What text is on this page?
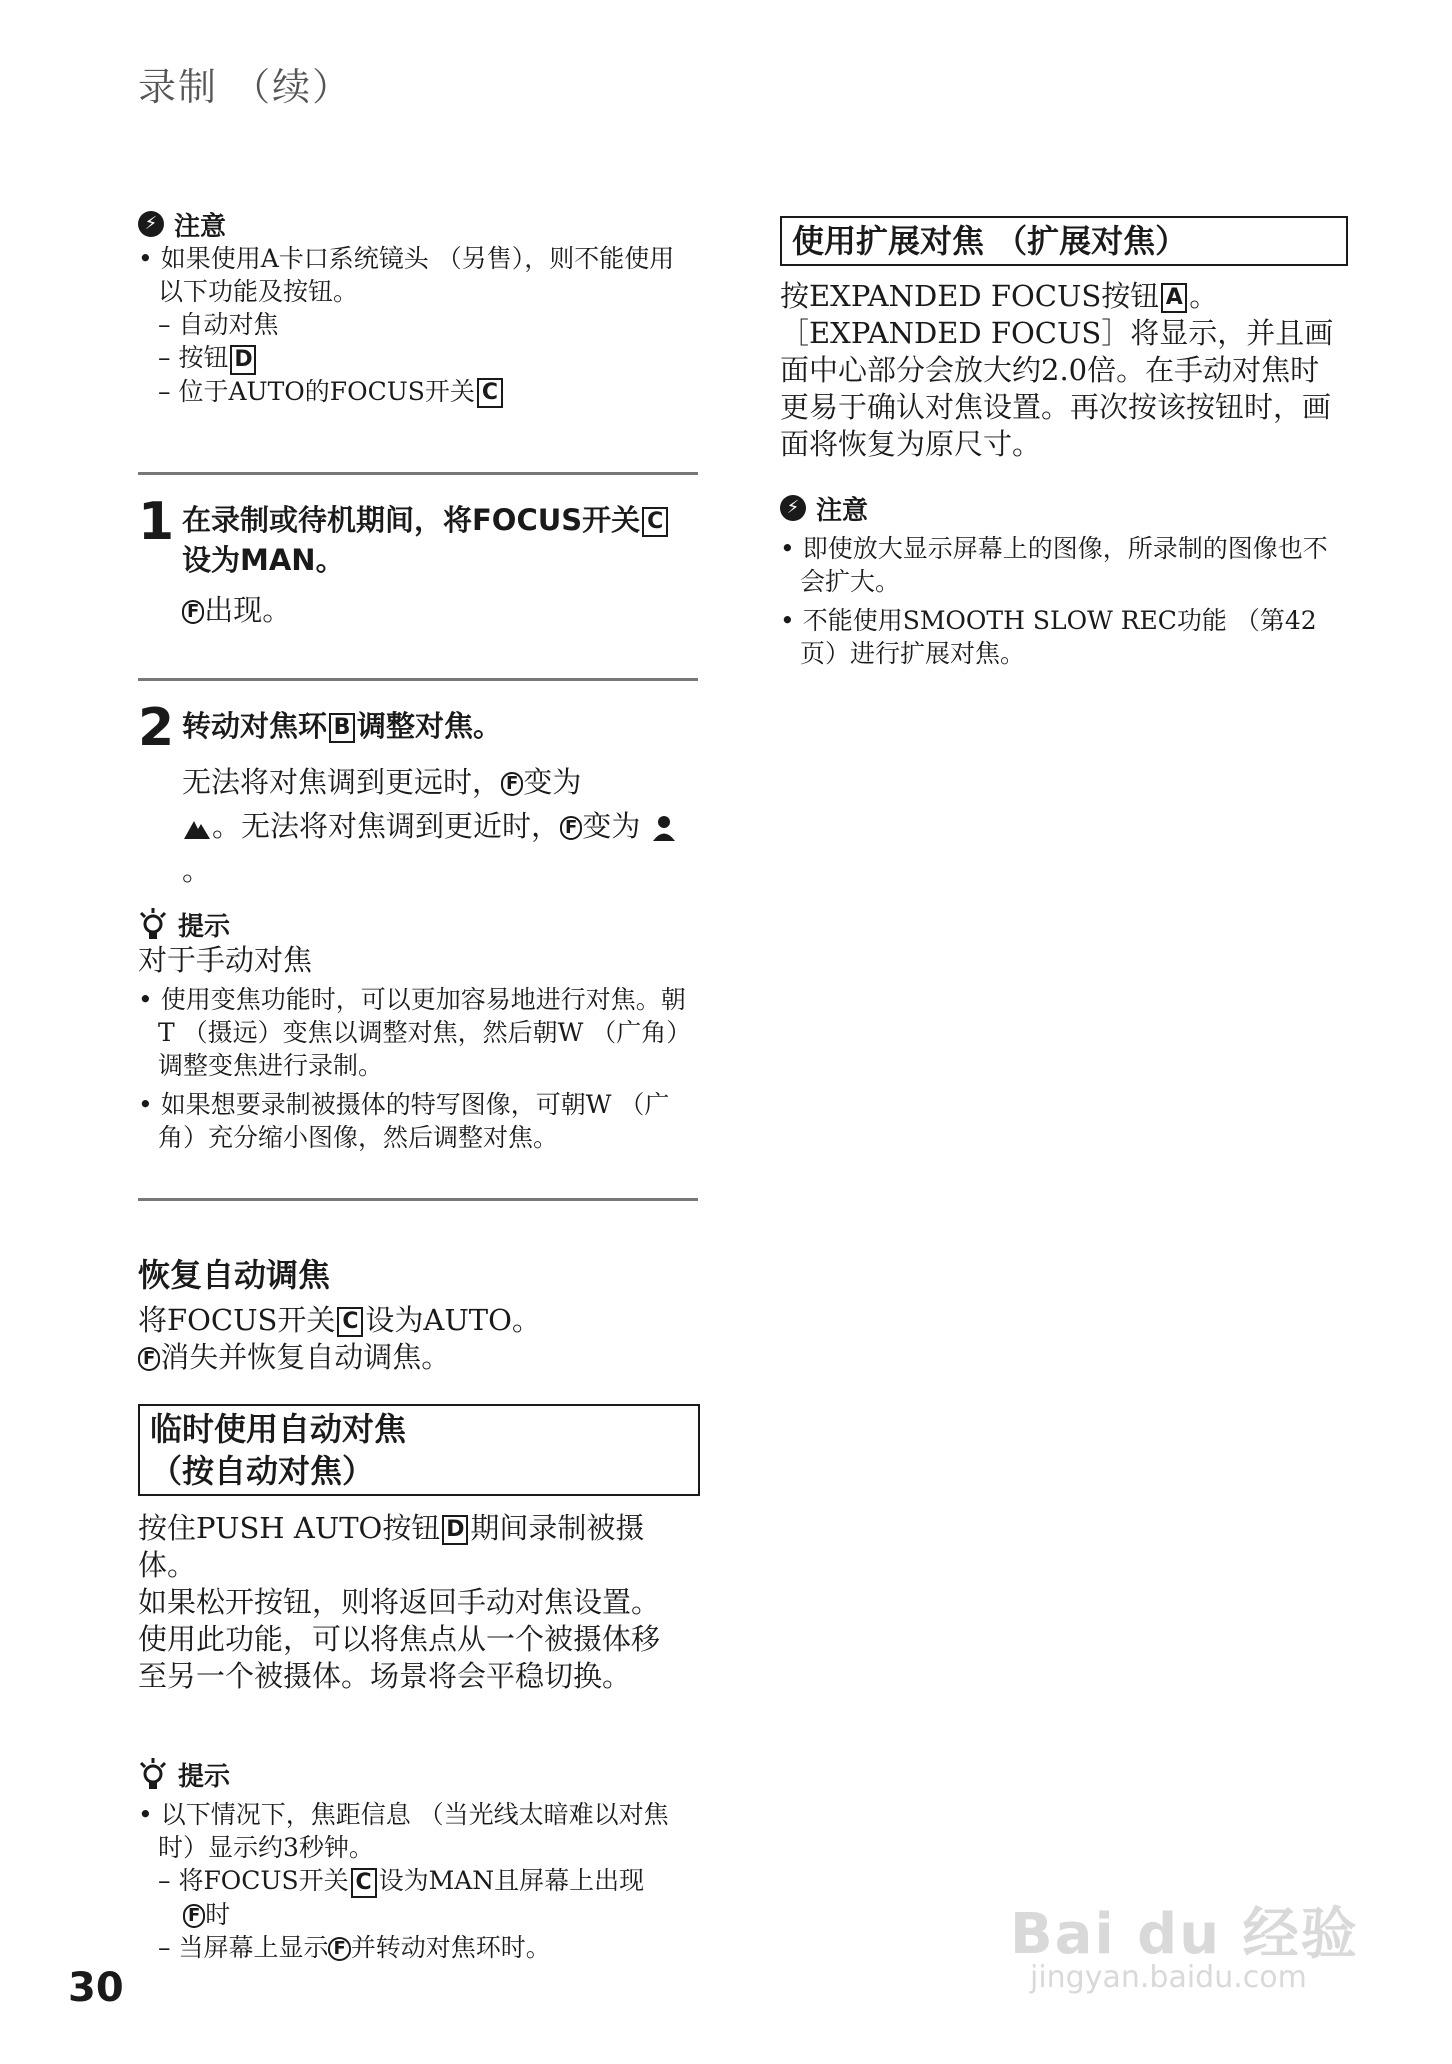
录制 （续）
⚡ 注意
• 如果使用A卡口系统镜头 （另售），则不能使用以下功能及按钮。
– 自动对焦
– 按钮 D
– 位于AUTO的FOCUS开关 C
1 在录制或待机期间，将FOCUS开关 C
设为MAN。
F 出现。
2 转动对焦环 B 调整对焦。
无法将对焦调到更远时， F 变为
。无法将对焦调到更近时， F 变为 。
提示
对于手动对焦
• 使用变焦功能时，可以更加容易地进行对焦。朝T （摄远）变焦以调整对焦，然后朝W （广角）调整变焦进行录制。
• 如果想要录制被摄体的特写图像，可朝W （广角）充分缩小图像，然后调整对焦。
恢复自动调焦
将FOCUS开关 C 设为AUTO。
F 消失并恢复自动调焦。
临时使用自动对焦
（按自动对焦）
按住PUSH AUTO按钮 D 期间录制被摄体。
如果松开按钮，则将返回手动对焦设置。
使用此功能，可以将焦点从一个被摄体移至另一个被摄体。场景将会平稳切换。
提示
• 以下情况下，焦距信息 （当光线太暗难以对焦时）显示约3秒钟。
– 将FOCUS开关 C 设为MAN且屏幕上出现
F 时
– 当屏幕上显示 F 并转动对焦环时。
使用扩展对焦 （扩展对焦）
按EXPANDED FOCUS按钮 A 。
［EXPANDED FOCUS］将显示，并且画面中心部分会放大约2.0倍。在手动对焦时更易于确认对焦设置。再次按该按钮时，画面将恢复为原尺寸。
⚡ 注意
• 即使放大显示屏幕上的图像，所录制的图像也不会扩大。
• 不能使用SMOOTH SLOW REC功能 （第42页）进行扩展对焦。
30
Bai du 经验
jingyan.baidu.com
